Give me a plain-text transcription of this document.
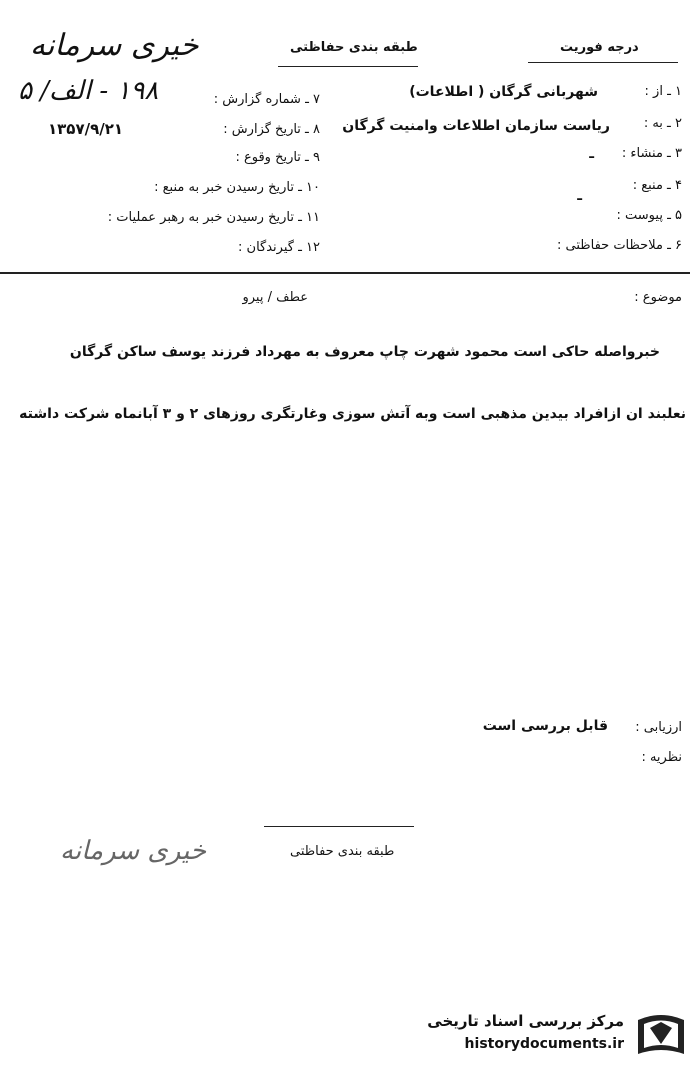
خیری سرمانه	طبقه بندی حفاظتی	درجه فوریت
۱ ـ از :
شهربانی گرگان ( اطلاعات)
۲ ـ به :
ریاست سازمان اطلاعات وامنیت گرگان
۳ ـ منشاء :
ـ
۴ ـ منبع :
ـ
۵ ـ پیوست :
۶ ـ ملاحظات حفاظتی :
۷ ـ شماره گزارش :
۱۹۸ - الف/ ۵
۸ ـ تاریخ گزارش :
۱۳۵۷/۹/۲۱
۹ ـ تاریخ وقوع :
۱۰ ـ تاریخ رسیدن خبر به منبع :
۱۱ ـ تاریخ رسیدن خبر به رهبر عملیات :
۱۲ ـ گیرندگان :
موضوع :
عطف / پیرو
خبرواصله حاکی است محمود شهرت چاپ معروف به مهرداد فرزند یوسف ساکن گرگان
نعلبند ان ازافراد بیدین مذهبی است وبه آتش سوزی وغارتگری روزهای ۲ و ۳ آبانماه شرکت داشته
ارزیابی :
قابل بررسی است
نظریه :
طبقه بندی حفاظتی
خیری سرمانه
مرکز بررسی اسناد تاریخی
historydocuments.ir
